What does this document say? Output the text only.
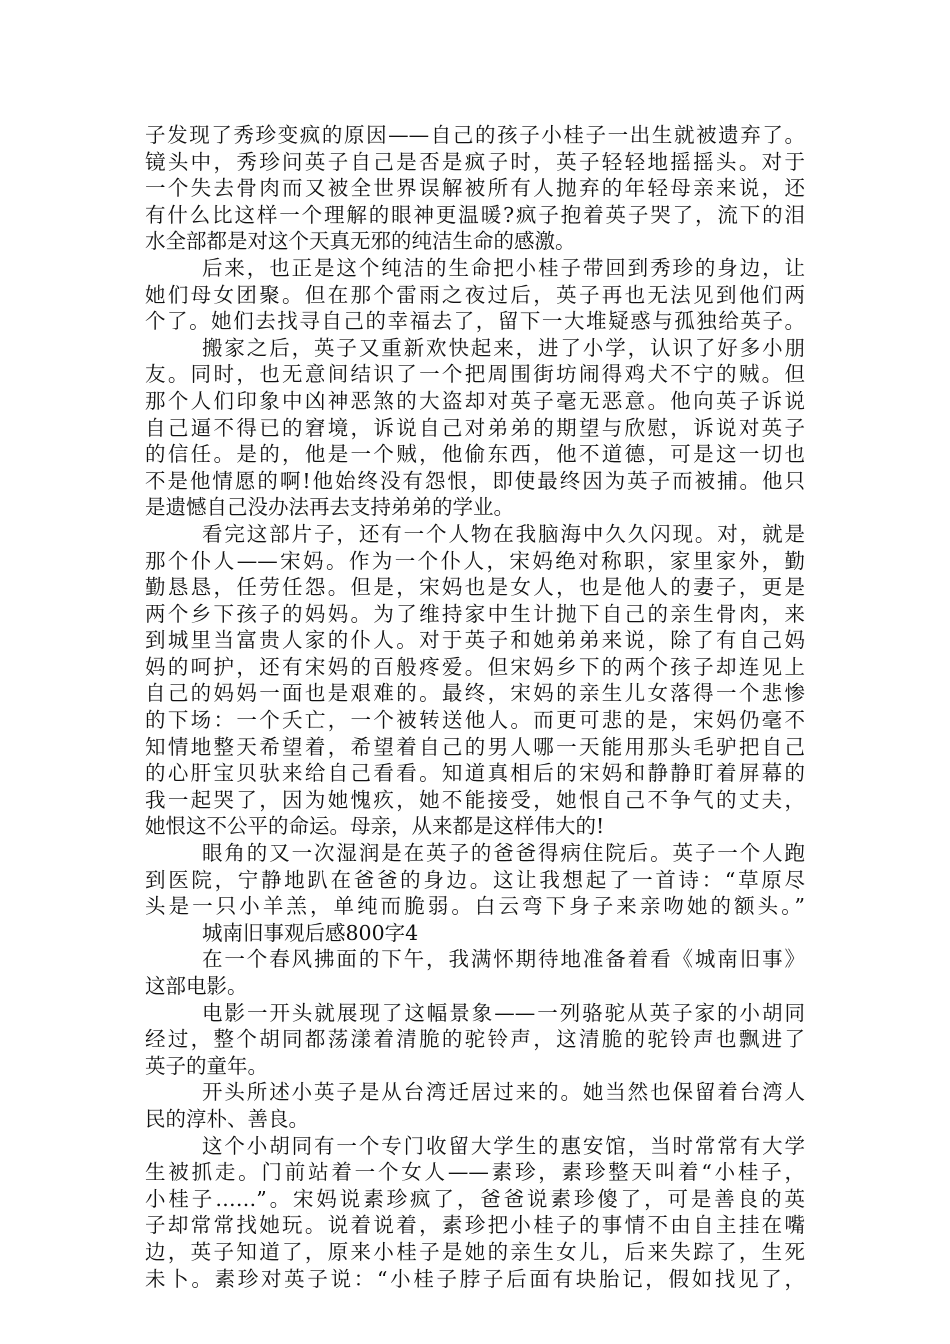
子发现了秀珍变疯的原因——自己的孩子小桂子一出生就被遗弃了。
镜头中，秀珍问英子自己是否是疯子时，英子轻轻地摇摇头。对于
一个失去骨肉而又被全世界误解被所有人抛弃的年轻母亲来说，还
有什么比这样一个理解的眼神更温暖?疯子抱着英子哭了，流下的泪
水全部都是对这个天真无邪的纯洁生命的感激。
后来，也正是这个纯洁的生命把小桂子带回到秀珍的身边，让
她们母女团聚。但在那个雷雨之夜过后，英子再也无法见到他们两
个了。她们去找寻自己的幸福去了，留下一大堆疑惑与孤独给英子。
搬家之后，英子又重新欢快起来，进了小学，认识了好多小朋
友。同时，也无意间结识了一个把周围街坊闹得鸡犬不宁的贼。但
那个人们印象中凶神恶煞的大盗却对英子毫无恶意。他向英子诉说
自己逼不得已的窘境，诉说自己对弟弟的期望与欣慰，诉说对英子
的信任。是的，他是一个贼，他偷东西，他不道德，可是这一切也
不是他情愿的啊!他始终没有怨恨，即使最终因为英子而被捕。他只
是遗憾自己没办法再去支持弟弟的学业。
看完这部片子，还有一个人物在我脑海中久久闪现。对，就是
那个仆人——宋妈。作为一个仆人，宋妈绝对称职，家里家外，勤
勤恳恳，任劳任怨。但是，宋妈也是女人，也是他人的妻子，更是
两个乡下孩子的妈妈。为了维持家中生计抛下自己的亲生骨肉，来
到城里当富贵人家的仆人。对于英子和她弟弟来说，除了有自己妈
妈的呵护，还有宋妈的百般疼爱。但宋妈乡下的两个孩子却连见上
自己的妈妈一面也是艰难的。最终，宋妈的亲生儿女落得一个悲惨
的下场：一个夭亡，一个被转送他人。而更可悲的是，宋妈仍毫不
知情地整天希望着，希望着自己的男人哪一天能用那头毛驴把自己
的心肝宝贝驮来给自己看看。知道真相后的宋妈和静静盯着屏幕的
我一起哭了，因为她愧疚，她不能接受，她恨自己不争气的丈夫，
她恨这不公平的命运。母亲，从来都是这样伟大的!
眼角的又一次湿润是在英子的爸爸得病住院后。英子一个人跑
到医院，宁静地趴在爸爸的身边。这让我想起了一首诗：“草原尽
头是一只小羊羔，单纯而脆弱。白云弯下身子来亲吻她的额头。”
城南旧事观后感800字4
在一个春风拂面的下午，我满怀期待地准备着看《城南旧事》
这部电影。
电影一开头就展现了这幅景象——一列骆驼从英子家的小胡同
经过，整个胡同都荡漾着清脆的驼铃声，这清脆的驼铃声也飘进了
英子的童年。
开头所述小英子是从台湾迁居过来的。她当然也保留着台湾人
民的淳朴、善良。
这个小胡同有一个专门收留大学生的惠安馆，当时常常有大学
生被抓走。门前站着一个女人——素珍，素珍整天叫着“小桂子，
小桂子……”。宋妈说素珍疯了，爸爸说素珍傻了，可是善良的英
子却常常找她玩。说着说着，素珍把小桂子的事情不由自主挂在嘴
边，英子知道了，原来小桂子是她的亲生女儿，后来失踪了，生死
未卜。素珍对英子说：“小桂子脖子后面有块胎记，假如找见了，
